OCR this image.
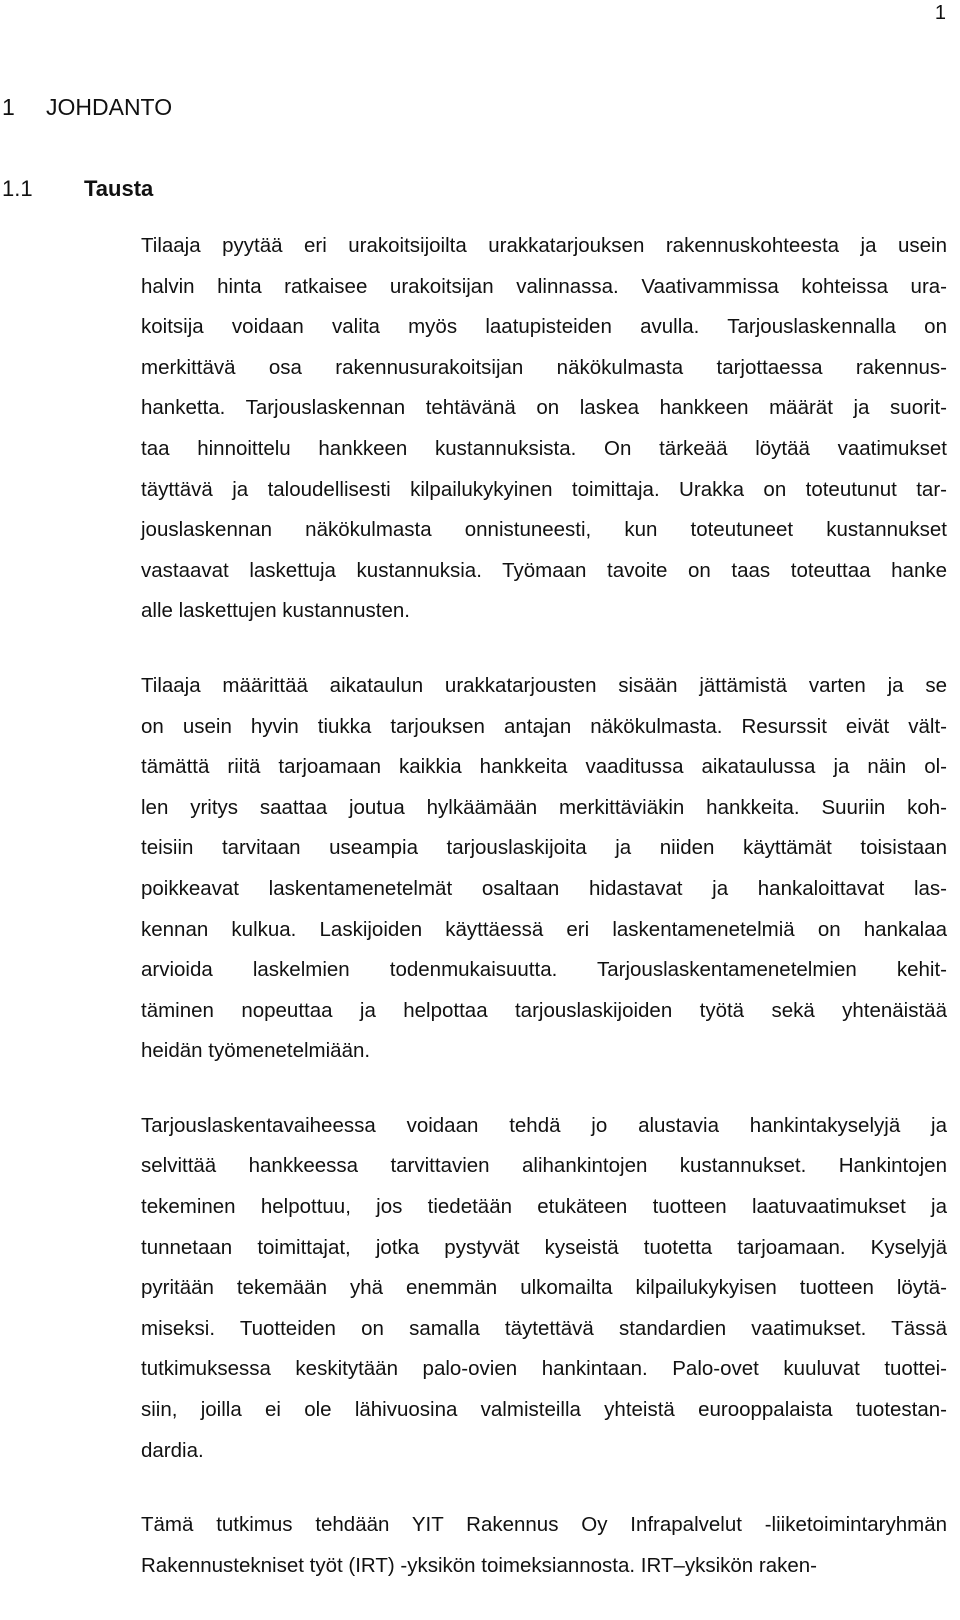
1
1 JOHDANTO
1.1 Tausta

Tilaaja pyytää eri urakoitsijoilta urakkatarjouksen rakennuskohteesta ja usein
halvin hinta ratkaisee urakoitsijan valinnassa. Vaativammissa kohteissa ura-
koitsija voidaan valita myös laatupisteiden avulla. Tarjouslaskennalla on
merkittävä osa rakennusurakoitsijan näkökulmasta tarjottaessa rakennus-
hanketta. Tarjouslaskennan tehtävänä on laskea hankkeen määrät ja suorit-
taa hinnoittelu hankkeen kustannuksista. On tärkeää löytää vaatimukset
täyttävä ja taloudellisesti kilpailukykyinen toimittaja. Urakka on toteutunut tar-
jouslaskennan näkökulmasta onnistuneesti, kun toteutuneet kustannukset
vastaavat laskettuja kustannuksia. Työmaan tavoite on taas toteuttaa hanke
alle laskettujen kustannusten.

Tilaaja määrittää aikataulun urakkatarjousten sisään jättämistä varten ja se
on usein hyvin tiukka tarjouksen antajan näkökulmasta. Resurssit eivät vält-
tämättä riitä tarjoamaan kaikkia hankkeita vaaditussa aikataulussa ja näin ol-
len yritys saattaa joutua hylkäämään merkittäviäkin hankkeita. Suuriin koh-
teisiin tarvitaan useampia tarjouslaskijoita ja niiden käyttämät toisistaan
poikkeavat laskentamenetelmät osaltaan hidastavat ja hankaloittavat las-
kennan kulkua. Laskijoiden käyttäessä eri laskentamenetelmiä on hankalaa
arvioida laskelmien todenmukaisuutta. Tarjouslaskentamenetelmien kehit-
täminen nopeuttaa ja helpottaa tarjouslaskijoiden työtä sekä yhtenäistää
heidän työmenetelmiään.

Tarjouslaskentavaiheessa voidaan tehdä jo alustavia hankintakyselyjä ja
selvittää hankkeessa tarvittavien alihankintojen kustannukset. Hankintojen
tekeminen helpottuu, jos tiedetään etukäteen tuotteen laatuvaatimukset ja
tunnetaan toimittajat, jotka pystyvät kyseistä tuotetta tarjoamaan. Kyselyjä
pyritään tekemään yhä enemmän ulkomailta kilpailukykyisen tuotteen löytä-
miseksi. Tuotteiden on samalla täytettävä standardien vaatimukset. Tässä
tutkimuksessa keskitytään palo-ovien hankintaan. Palo-ovet kuuluvat tuottei-
siin, joilla ei ole lähivuosina valmisteilla yhteistä eurooppalaista tuotestan-
dardia.

Tämä tutkimus tehdään YIT Rakennus Oy Infrapalvelut -liiketoimintaryhmän
Rakennustekniset työt (IRT) -yksikön toimeksiannosta. IRT–yksikön raken-
